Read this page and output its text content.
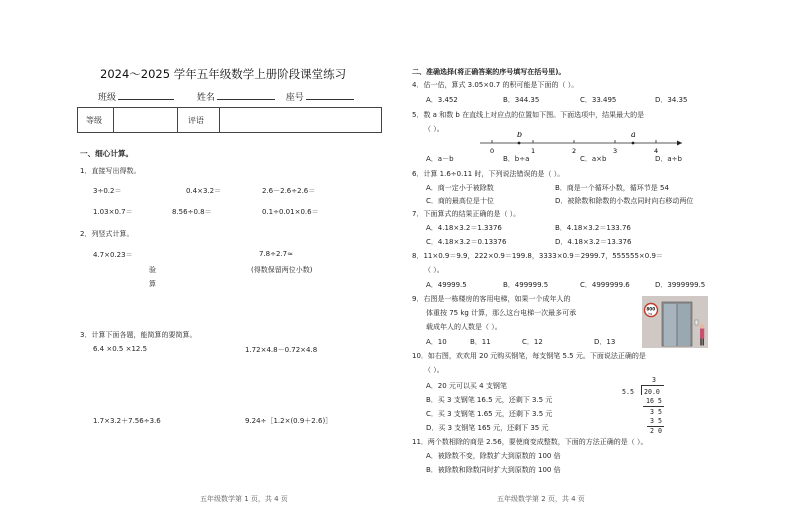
2024～2025 学年五年级数学上册阶段课堂练习
班级	姓名	座号
等级	评语
一、细心计算。
1．直接写出得数。
3÷0.2＝	0.4×3.2＝	2.6－2.6÷2.6＝
1.03×0.7＝	8.56÷0.8＝	0.1÷0.01×0.6＝
2．列竖式计算。
4.7×0.23＝	7.8÷2.7≈
验
算
(得数保留两位小数)
3．计算下面各题，能简算的要简算。
6.4 ×0.5 ×12.5	1.72×4.8－0.72×4.8
1.7×3.2＋7.56÷3.6	9.24÷［1.2×(0.9＋2.6)］
五年级数学第 1 页，共 4 页
二、准确选择(将正确答案的序号填写在括号里)。
4．估一估，算式 3.05×0.7 的积可能是下面的（ ）。
A．3.452	B．344.35	C．33.495	D．34.35
5．数 a 和数 b 在直线上对应点的位置如下图。下面选项中，结果最大的是
（ ）。
b	a
0	1	2	3	4
A．a－b	B．b÷a	C．a×b	D．a÷b
6．计算 1.6÷0.11 时，下列说法错误的是（ ）。
A．商一定小于被除数	B．商是一个循环小数，循环节是 54
C．商的最高位是十位	D．被除数和除数的小数点同时向右移动两位
7．下面算式的结果正确的是（ ）。
A．4.18×3.2＝1.3376	B．4.18×3.2＝133.76
C．4.18×3.2＝0.13376	D．4.18×3.2＝13.376
8．11×0.9＝9.9，222×0.9＝199.8，3333×0.9＝2999.7，555555×0.9＝
（ ）。
A．49999.5	B．499999.5	C．4999999.6	D．3999999.5
9．右图是一栋楼房的客用电梯，如果一个成年人的
体重按 75 kg 计算，那么这台电梯一次最多可承
载成年人的人数是（ ）。
A．10	B．11	C．12	D．13
800
kg
10．如右图，欢欢用 20 元购买钢笔，每支钢笔 5.5 元。下面说法正确的是
（ ）。
A．20 元可以买 4 支钢笔
B．买 3 支钢笔 16.5 元，还剩下 3.5 元
C．买 3 支钢笔 1.65 元，还剩下 3.5 元
D．买 3 支钢笔 165 元，还剩下 35 元
3
5.5 20.0
16 5
3 5
3 5
2 0
11．两个数相除的商是 2.56，要使商变成整数，下面的方法正确的是（ ）。
A．被除数不变，除数扩大到原数的 100 倍
B．被除数和除数同时扩大到原数的 100 倍
五年级数学第 2 页，共 4 页
